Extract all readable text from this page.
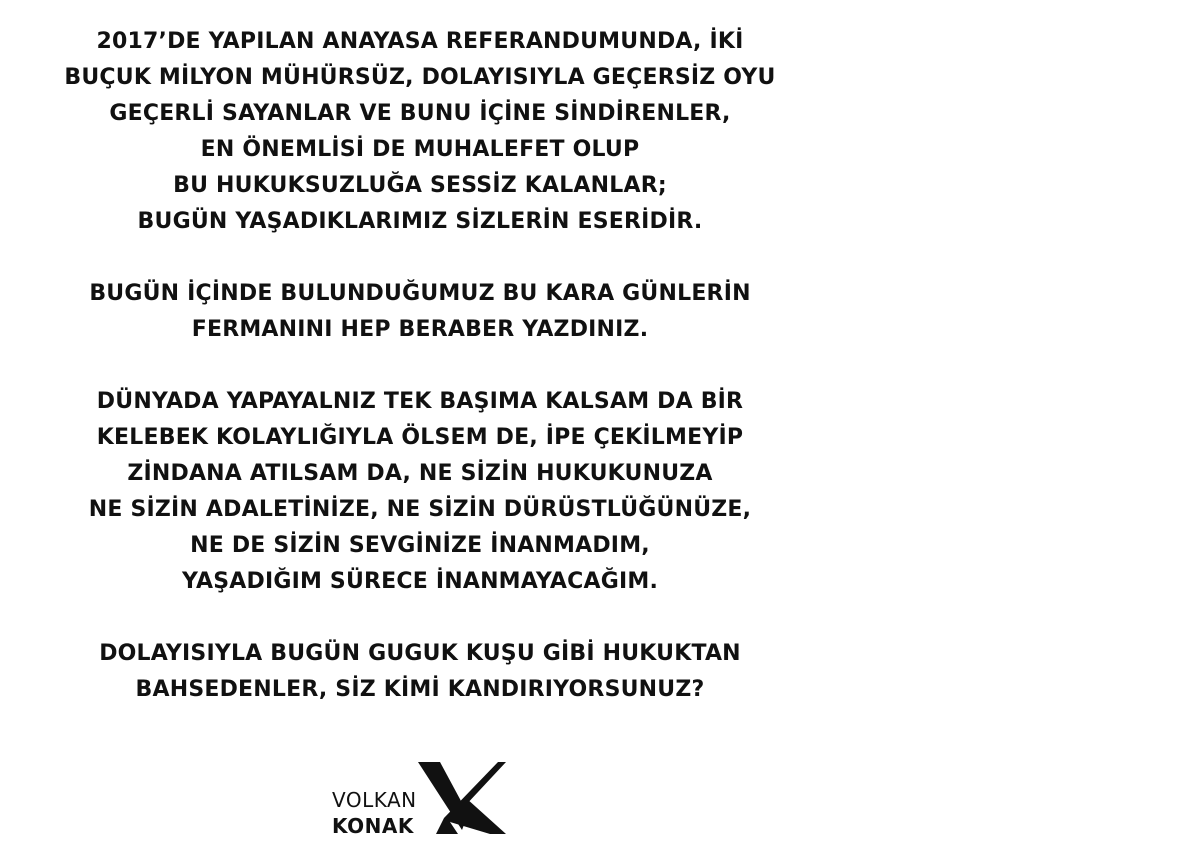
2017’DE YAPILAN ANAYASA REFERANDUMUNDA, İKİ
BUÇUK MİLYON MÜHÜRSÜZ, DOLAYISIYLA GEÇERSİZ OYU
GEÇERLİ SAYANLAR VE BUNU İÇİNE SİNDİRENLER,
EN ÖNEMLİSİ DE MUHALEFET OLUP
BU HUKUKSUZLUĞA SESSİZ KALANLAR;
BUGÜN YAŞADIKLARIMIZ SİZLERİN ESERİDİR.
BUGÜN İÇİNDE BULUNDUĞUMUZ BU KARA GÜNLERİN
FERMANINI HEP BERABER YAZDINIZ.
DÜNYADA YAPAYALNIZ TEK BAŞIMA KALSAM DA BİR
KELEBEK KOLAYLIĞIYLA ÖLSEM DE, İPE ÇEKİLMEYİP
ZİNDANA ATILSAM DA, NE SİZİN HUKUKUNUZA
NE SİZİN ADALETİNİZE, NE SİZİN DÜRÜSTLÜĞÜNÜZE,
NE DE SİZİN SEVGİNİZE İNANMADIM,
YAŞADIĞIM SÜRECE İNANMAYACAĞIM.
DOLAYISIYLA BUGÜN GUGUK KUŞU GİBİ HUKUKTAN
BAHSEDENLER, SİZ KİMİ KANDIRIYORSUNUZ?
VOLKAN
KONAK
